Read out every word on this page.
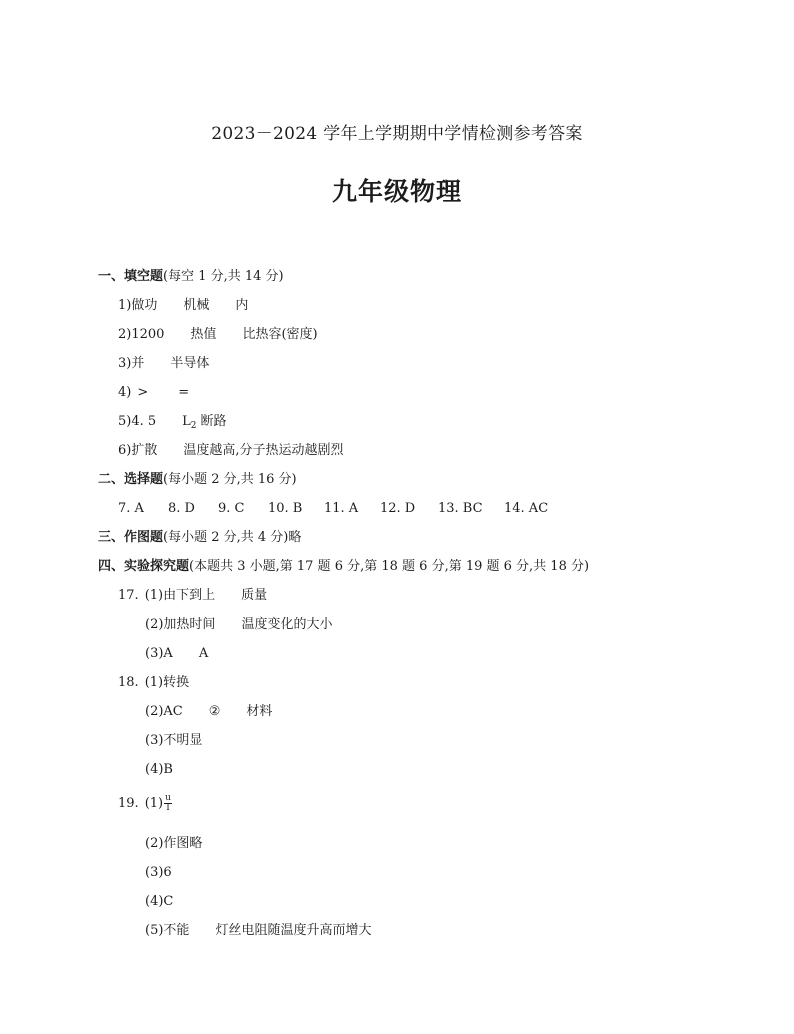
2023－2024 学年上学期期中学情检测参考答案
九年级物理
一、填空题(每空 1 分,共 14 分)
1)做功 机械 内
2)1200 热值 比热容(密度)
3)并 半导体
4) > =
5)4. 5 $L_2$ 断路
6)扩散 温度越高,分子热运动越剧烈
二、选择题(每小题 2 分,共 16 分)
7. A 8. D 9. C 10. B 11. A 12. D 13. BC 14. AC
三、作图题(每小题 2 分,共 4 分)略
四、实验探究题(本题共 3 小题,第 17 题 6 分,第 18 题 6 分,第 19 题 6 分,共 18 分)
17. (1)由下到上 质量
(2)加热时间 温度变化的大小
(3)A A
18. (1)转换
(2)AC ② 材料
(3)不明显
(4)B
19. $(1) \frac{u}{I}$
(2)作图略
(3)6
(4)C
(5)不能 灯丝电阻随温度升高而增大
